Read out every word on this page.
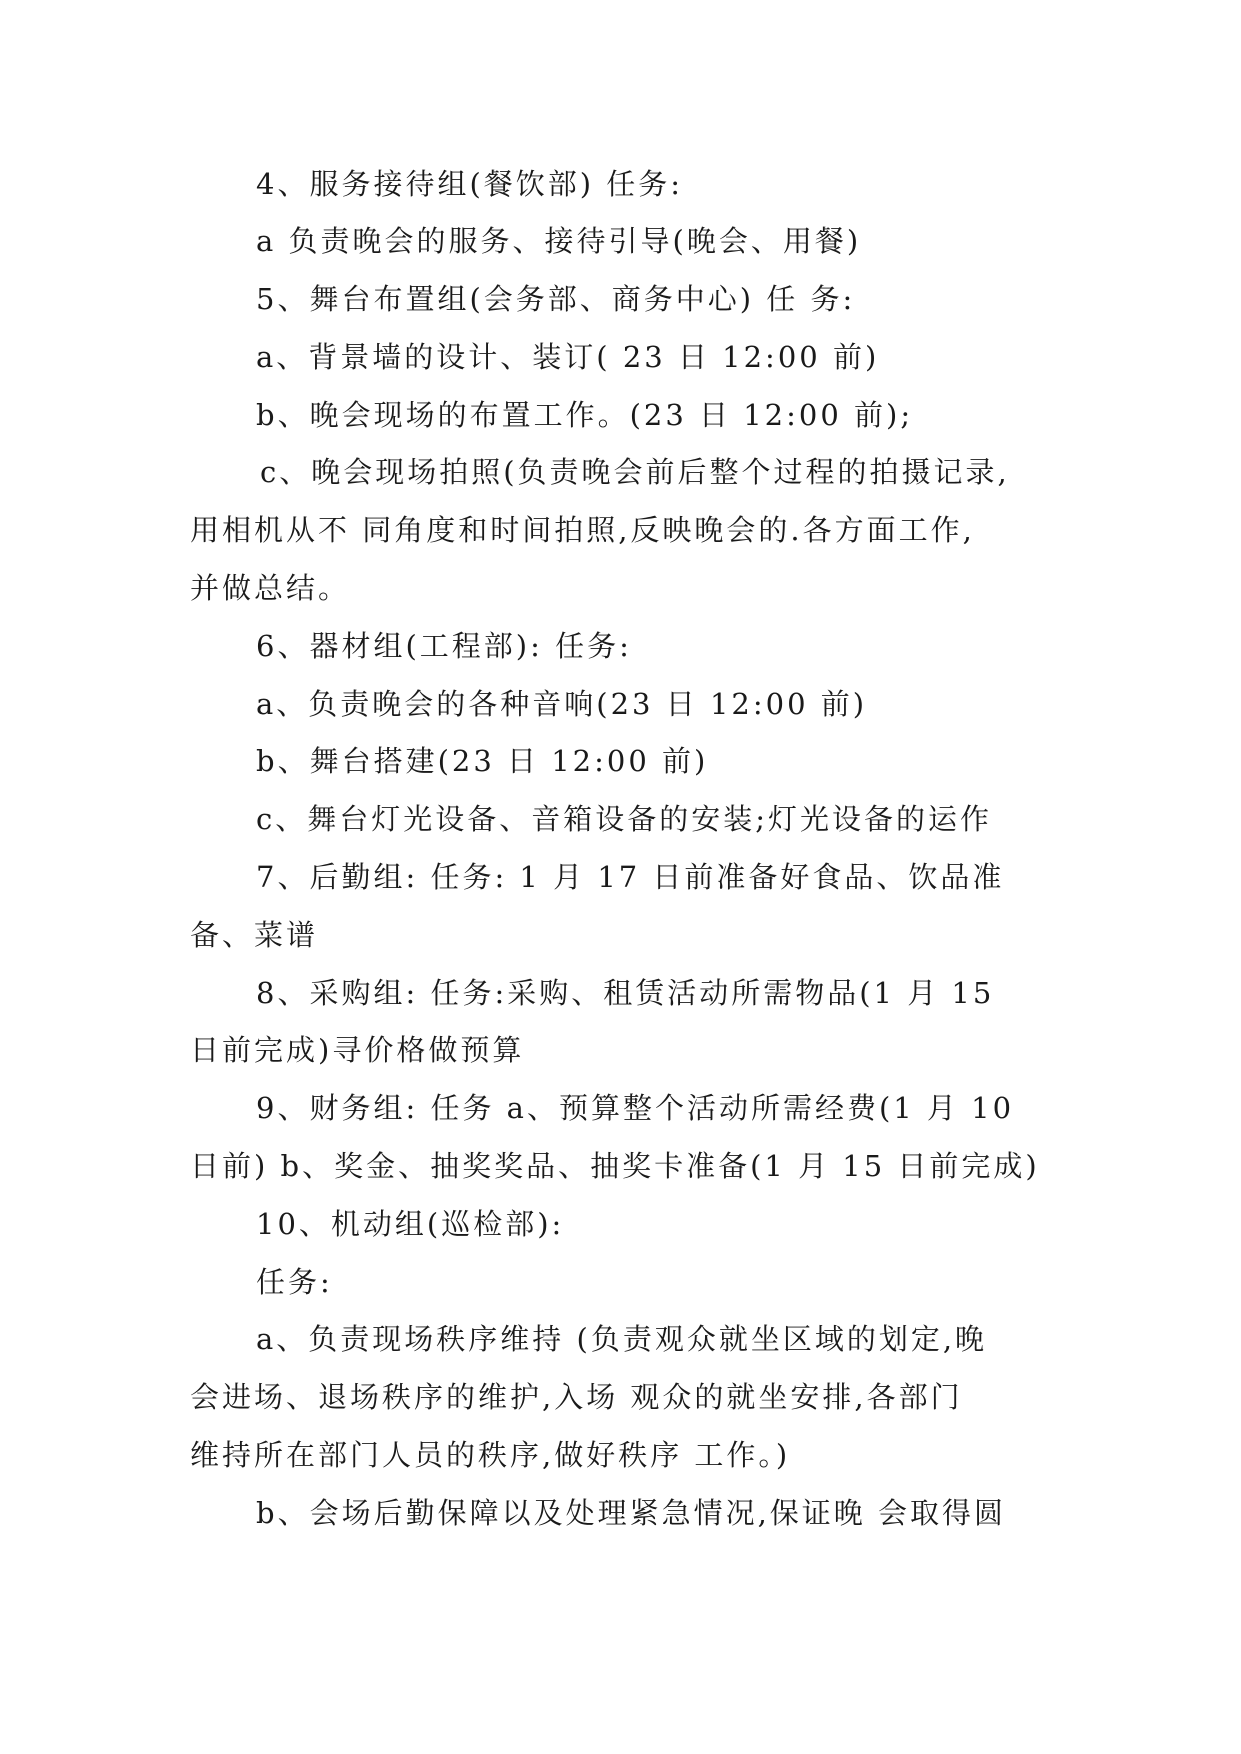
4、服务接待组(餐饮部) 任务:
a 负责晚会的服务、接待引导(晚会、用餐)
5、舞台布置组(会务部、商务中心) 任 务:
a、背景墙的设计、装订( 23 日 12:00 前)
b、晚会现场的布置工作。(23 日 12:00 前);
c、晚会现场拍照(负责晚会前后整个过程的拍摄记录,
用相机从不 同角度和时间拍照,反映晚会的.各方面工作,
并做总结。
6、器材组(工程部): 任务:
a、负责晚会的各种音响(23 日 12:00 前)
b、舞台搭建(23 日 12:00 前)
c、舞台灯光设备、音箱设备的安装;灯光设备的运作
7、后勤组: 任务: 1 月 17 日前准备好食品、饮品准
备、菜谱
8、采购组: 任务:采购、租赁活动所需物品(1 月 15
日前完成)寻价格做预算
9、财务组: 任务 a、预算整个活动所需经费(1 月 10
日前) b、奖金、抽奖奖品、抽奖卡准备(1 月 15 日前完成)
10、机动组(巡检部):
任务:
a、负责现场秩序维持 (负责观众就坐区域的划定,晚
会进场、退场秩序的维护,入场 观众的就坐安排,各部门
维持所在部门人员的秩序,做好秩序 工作。)
b、会场后勤保障以及处理紧急情况,保证晚 会取得圆
